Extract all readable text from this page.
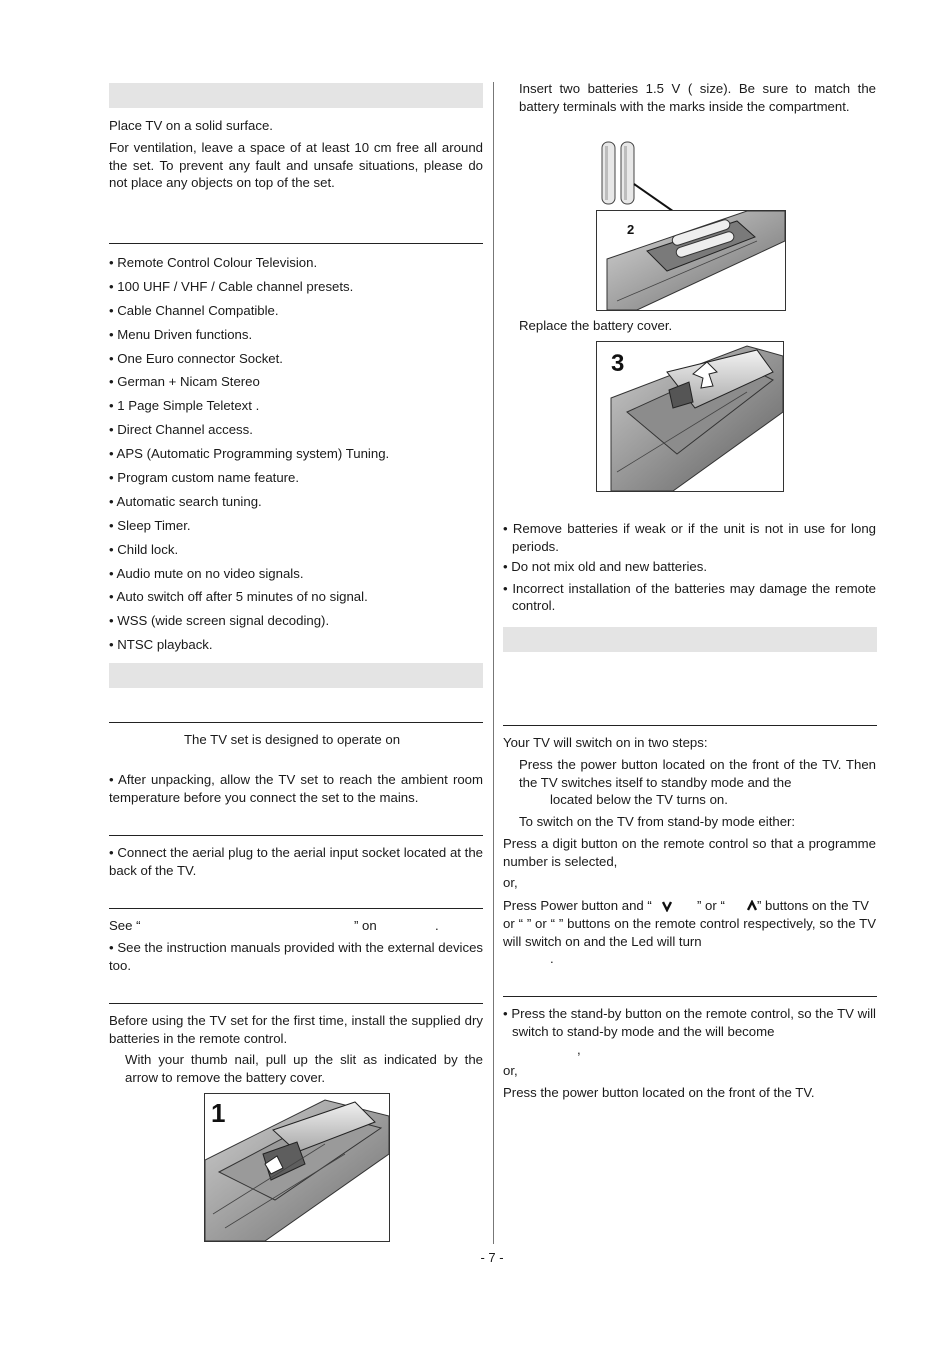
Place TV on a solid surface.
For ventilation, leave a space of at least 10 cm free all around the set. To prevent any fault and unsafe situations, please do not place any objects on top of the set.
• Remote Control Colour Television.
• 100 UHF / VHF / Cable channel presets.
• Cable Channel Compatible.
• Menu Driven functions.
• One Euro connector Socket.
• German + Nicam Stereo
• 1 Page Simple Teletext .
• Direct Channel access.
• APS (Automatic Programming system) Tuning.
• Program custom name feature.
• Automatic search tuning.
• Sleep Timer.
• Child lock.
• Audio mute on no video signals.
• Auto switch off after 5 minutes of no signal.
• WSS (wide screen signal decoding).
• NTSC playback.
The TV set is designed to operate on
• After unpacking, allow the TV set to reach the ambient room temperature before you connect the set to the mains.
• Connect the aerial plug to the aerial input socket located at the back of the TV.
See “	” on	.
• See the instruction manuals provided with the external devices too.
Before using the TV set for the first time, install the supplied dry batteries in the remote control.
With your thumb nail, pull up the slit as indicated by the arrow to remove the battery cover.
1
Insert two batteries 1.5 V ( size). Be sure to match the battery terminals with the marks inside the compartment.
2
Replace the battery cover.
3
• Remove batteries if weak or if the unit is not in use for long periods.
• Do not mix old and new batteries.
• Incorrect installation of the batteries may damage the remote control.
Your TV will switch on in two steps:
Press the power button located on the front of the TV. Then the TV switches itself to standby mode and the
located below the TV turns on.
To switch on the TV from stand-by mode either:
Press a digit button on the remote control so that a programme number is selected,
or,
Press Power button and “	” or “ ” buttons on the TV
or “ ” or “ ” buttons on the remote control respectively, so the TV will switch on and the Led will turn
.
• Press the stand-by button on the remote control, so the TV will switch to stand-by mode and the will become
,
or,
Press the power button located on the front of the TV.
- 7 -
